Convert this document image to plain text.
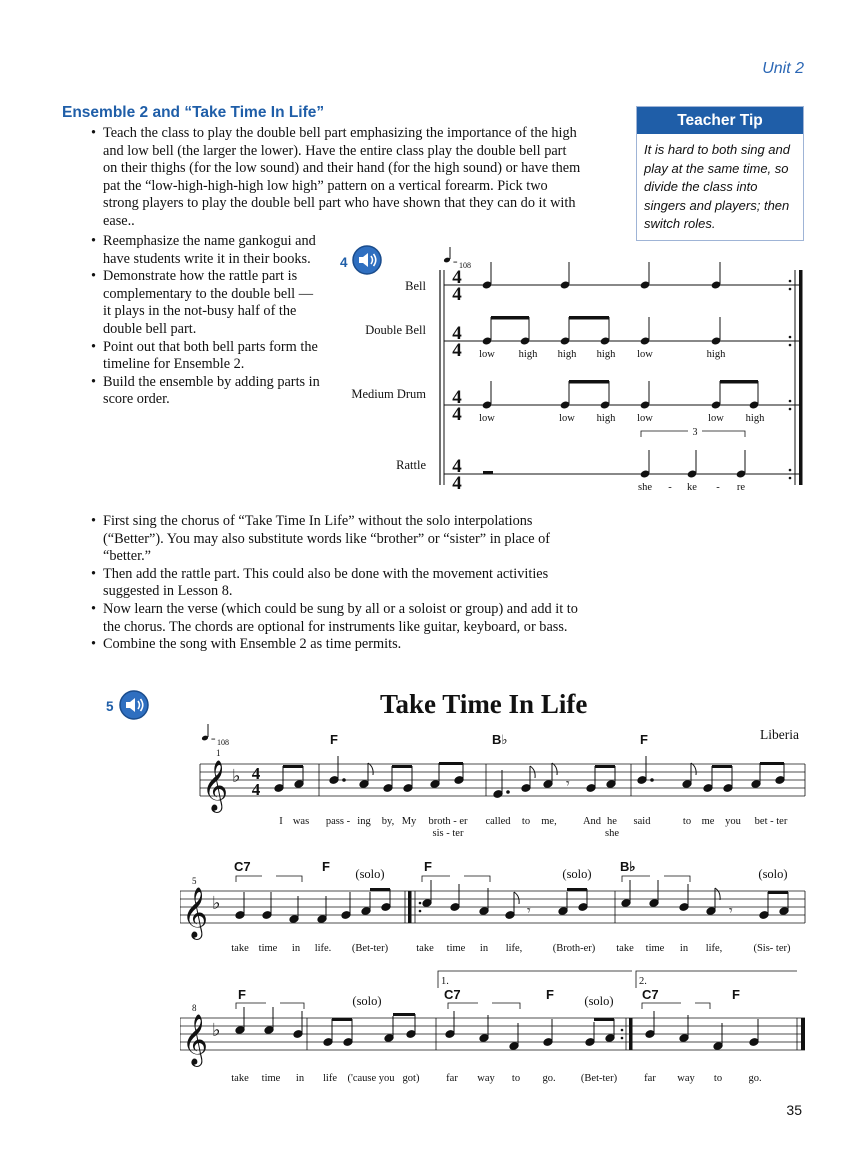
Unit 2
Ensemble 2 and “Take Time In Life”
• Teach the class to play the double bell part emphasizing the importance of the high and low bell (the larger the lower). Have the entire class play the double bell part on their thighs (for the low sound) and their hand (for the high sound) or have them pat the “low-high-high-high low high” pattern on a vertical forearm. Pick two strong players to play the double bell part who have shown that they can do it with ease..
• Reemphasize the name gankogui and have students write it in their books.
• Demonstrate how the rattle part is complementary to the double bell — it plays in the not-busy half of the double bell part.
• Point out that both bell parts form the timeline for Ensemble 2.
• Build the ensemble by adding parts in score order.
Teacher Tip
It is hard to both sing and play at the same time, so divide the class into singers and players; then switch roles.
4	= 108
Bell
Double Bell
Medium Drum
Rattle
4
4
4
4
4
4
4
4
low high high high low	high
low	low high low	low high
3
she - ke - re
• First sing the chorus of “Take Time In Life” without the solo interpolations (“Better”). You may also substitute words like “brother” or “sister” in place of “better.”
• Then add the rattle part. This could also be done with the movement activities suggested in Lesson 8.
• Now learn the verse (which could be sung by all or a soloist or group) and add it to the chorus. The chords are optional for instruments like guitar, keyboard, or bass.
• Combine the song with Ensemble 2 as time permits.
5	Take Time In Life
Liberia
= 108
1
𝄞 ♭ 4
4
F	B♭	F
𝄾
I was pass - ing by, My broth - er called to me, And he said	to me you bet - ter
sis - ter	she
5
𝄞 ♭
C7	F	F	B♭
(solo)	(solo)	(solo)
𝄾	𝄾
take time in life. (Bet-ter)	take time in life,	(Broth-er) take time in life,	(Sis- ter)
8
1.	2.
𝄞 ♭
F	C7	F	C7	F
(solo)	(solo)
take time in life ('cause you got)	far way to go. (Bet-ter)	far way to	go.
35
